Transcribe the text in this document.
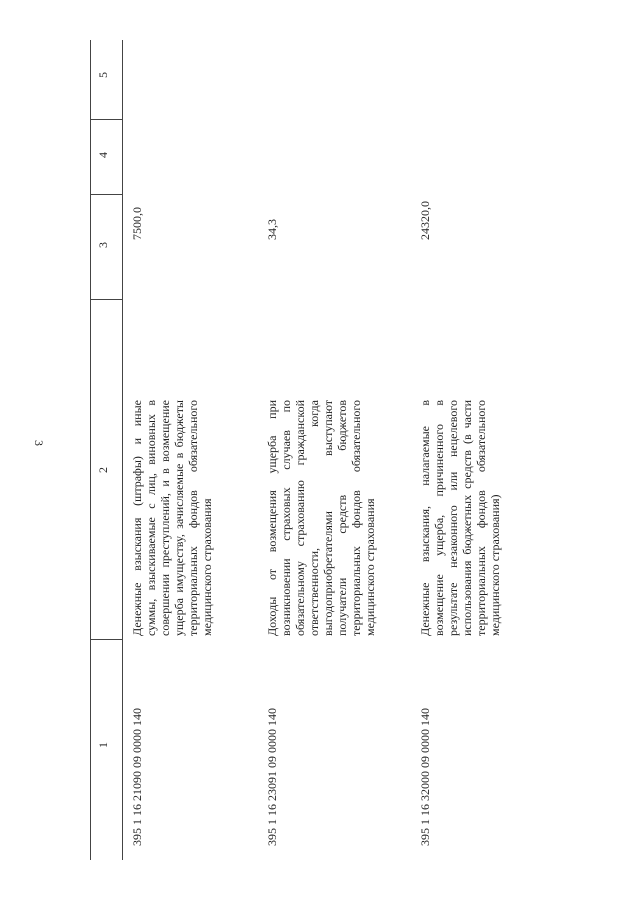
3
1
2
3
4
5
395 1 16 21090 09 0000 140
Денежные взыскания (штрафы) и иные суммы, взыскиваемые с лиц, виновных в совершении преступлений, и в возмещение ущерба имуществу, зачисляемые в бюджеты территориальных фондов обязательного медицинского страхования
7500,0
395 1 16 23091 09 0000 140
Доходы от возмещения ущерба при возникновении страховых случаев по обязательному страхованию гражданской ответственности, когда выгодоприобретателями выступают получатели средств бюджетов территориальных фондов обязательного медицинского страхования
34,3
395 1 16 32000 09 0000 140
Денежные взыскания, налагаемые в возмещение ущерба, причиненного в результате незаконного или нецелевого использования бюджетных средств (в части территориальных фондов обязательного медицинского страхования)
24320,0
